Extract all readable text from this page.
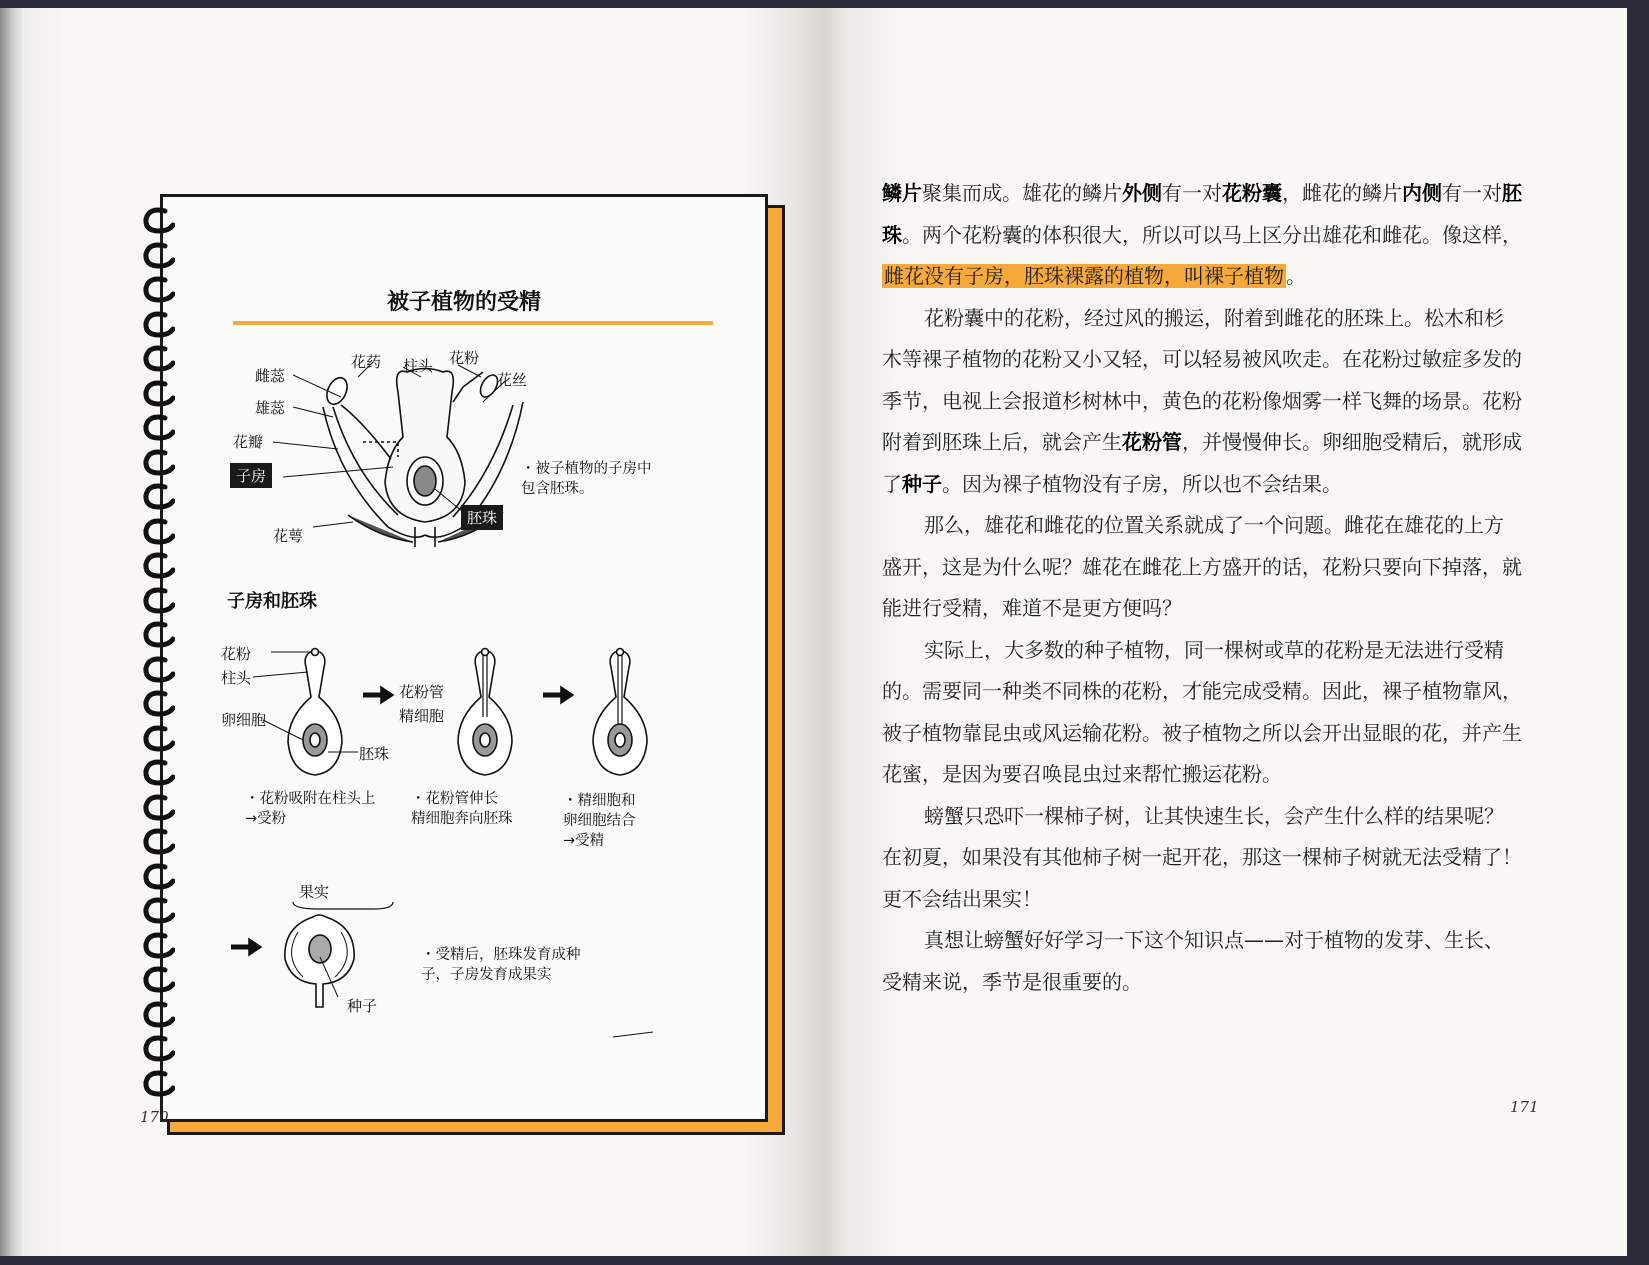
被子植物的受精
雌蕊
花药 柱头 花粉
雄蕊
花丝
花瓣
子房
胚珠
花萼
・被子植物的子房中
包含胚珠。
子房和胚珠
花粉
柱头
卵细胞
胚珠
花粉管
精细胞
・花粉吸附在柱头上
→受粉
・花粉管伸长
精细胞奔向胚珠
・精细胞和
卵细胞结合
→受精
果实
种子
・受精后，胚珠发育成种
子，子房发育成果实
170

鳞片聚集而成。雄花的鳞片外侧有一对花粉囊，雌花的鳞片内侧有一对胚珠。两个花粉囊的体积很大，所以可以马上区分出雄花和雌花。像这样，雌花没有子房，胚珠裸露的植物，叫裸子植物 。

花粉囊中的花粉，经过风的搬运，附着到雌花的胚珠上。松木和杉木等裸子植物的花粉又小又轻，可以轻易被风吹走。在花粉过敏症多发的季节，电视上会报道杉树林中，黄色的花粉像烟雾一样飞舞的场景。花粉附着到胚珠上后，就会产生花粉管，并慢慢伸长。卵细胞受精后，就形成了种子。因为裸子植物没有子房，所以也不会结果。

那么，雄花和雌花的位置关系就成了一个问题。雌花在雄花的上方盛开，这是为什么呢？雄花在雌花上方盛开的话，花粉只要向下掉落，就能进行受精，难道不是更方便吗？

实际上，大多数的种子植物，同一棵树或草的花粉是无法进行受精的。需要同一种类不同株的花粉，才能完成受精。因此，裸子植物靠风，被子植物靠昆虫或风运输花粉。被子植物之所以会开出显眼的花，并产生花蜜，是因为要召唤昆虫过来帮忙搬运花粉。

螃蟹只恐吓一棵柿子树，让其快速生长，会产生什么样的结果呢？在初夏，如果没有其他柿子树一起开花，那这一棵柿子树就无法受精了！更不会结出果实！

真想让螃蟹好好学习一下这个知识点——对于植物的发芽、生长、受精来说，季节是很重要的。

171
